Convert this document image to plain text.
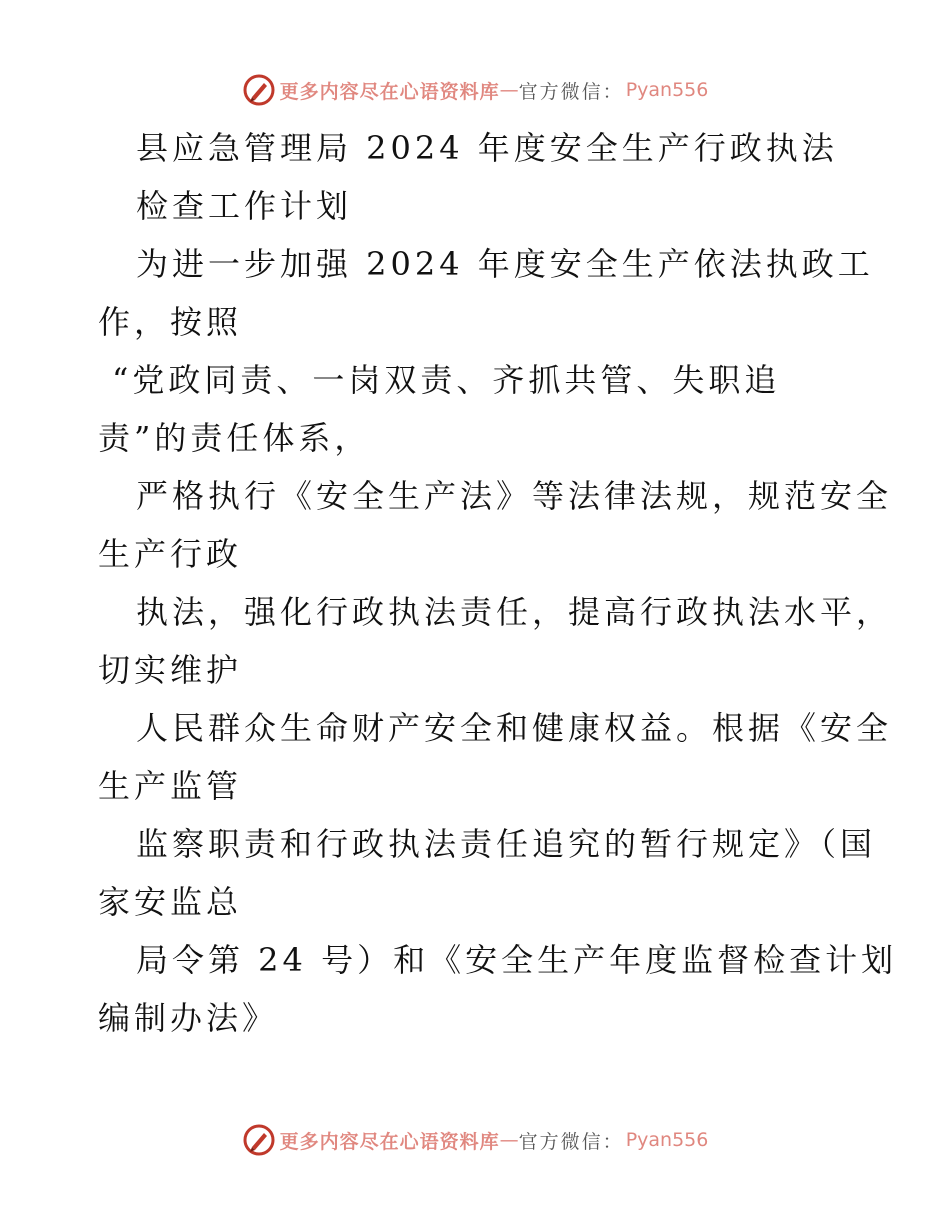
更多内容尽在心语资料库 — 官方微信： Pyan556
县应急管理局 2024 年度安全生产行政执法
检查工作计划
为进一步加强 2024 年度安全生产依法执政工
作，按照
“党政同责、一岗双责、齐抓共管、失职追
责”的责任体系，
严格执行《安全生产法》等法律法规，规范安全
生产行政
执法，强化行政执法责任，提高行政执法水平，
切实维护
人民群众生命财产安全和健康权益。根据《安全
生产监管
监察职责和行政执法责任追究的暂行规定》（国
家安监总
局令第 24 号）和《安全生产年度监督检查计划
编制办法》
更多内容尽在心语资料库 — 官方微信： Pyan556
